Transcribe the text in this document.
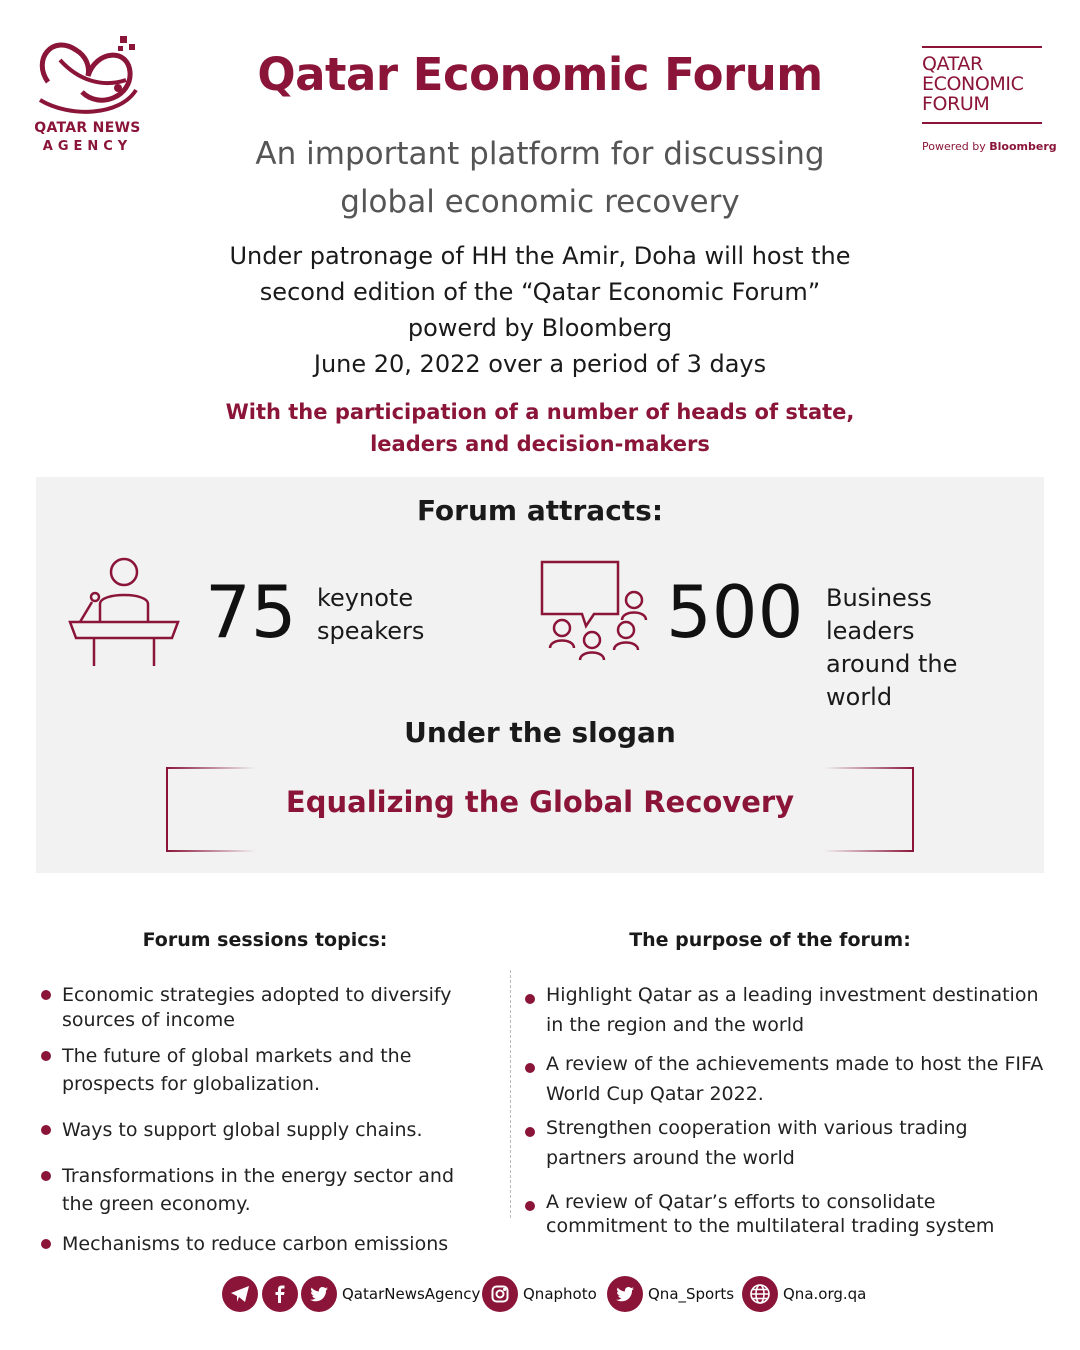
QATAR NEWS
AGENCY
Qatar Economic Forum
An important platform for discussing
global economic recovery
QATAR
ECONOMIC
FORUM
Powered by Bloomberg
Under patronage of HH the Amir, Doha will host the
second edition of the “Qatar Economic Forum”
powerd by Bloomberg
June 20, 2022 over a period of 3 days
With the participation of a number of heads of state,
leaders and decision-makers
Forum attracts:
75 keynote
speakers	500 Business
leaders
around the
world
Under the slogan
Equalizing the Global Recovery
Forum sessions topics:	The purpose of the forum:
Economic strategies adopted to diversify
sources of income
The future of global markets and the
prospects for globalization.
Ways to support global supply chains.
Transformations in the energy sector and
the green economy.
Mechanisms to reduce carbon emissions
Highlight Qatar as a leading investment destination
in the region and the world
A review of the achievements made to host the FIFA
World Cup Qatar 2022.
Strengthen cooperation with various trading
partners around the world
A review of Qatar’s efforts to consolidate
commitment to the multilateral trading system
QatarNewsAgency	Qnaphoto	Qna_Sports	Qna.org.qa
